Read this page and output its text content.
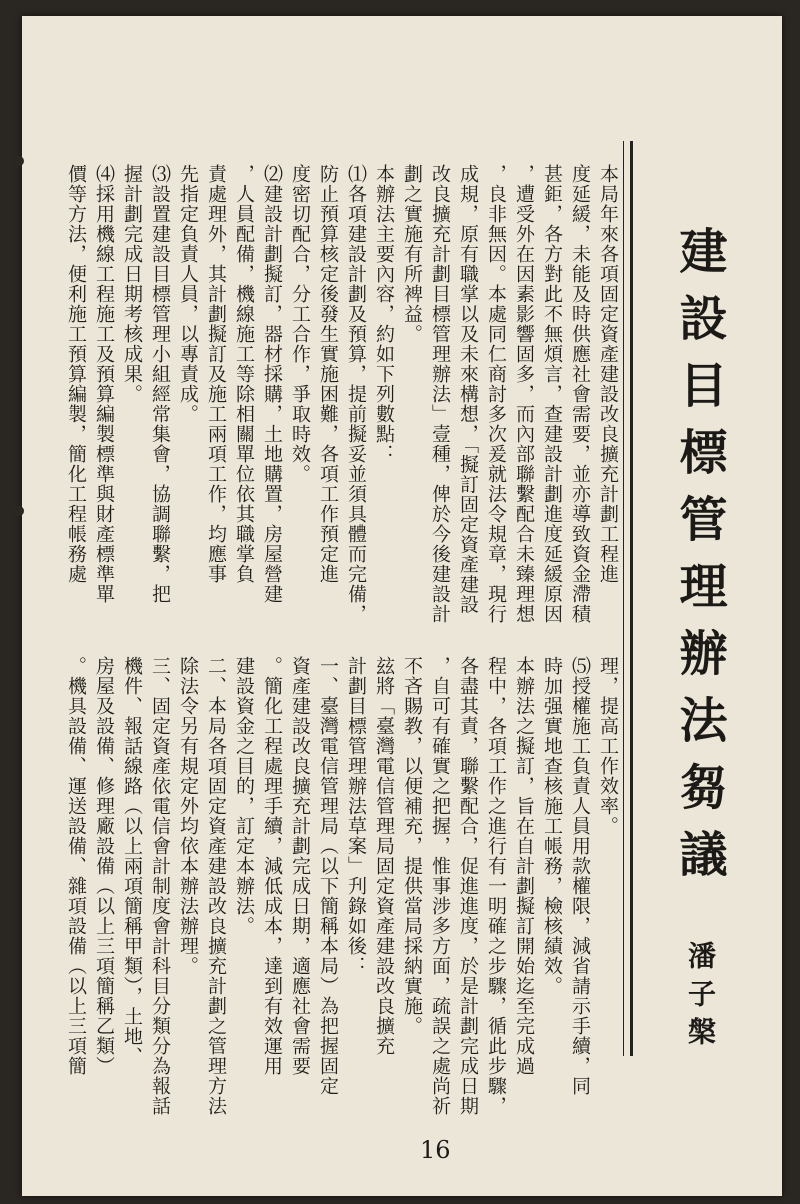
建設目標管理辦法芻議
潘子槃
本局年來各項固定資產建設改良擴充計劃工程進
度延緩，未能及時供應社會需要，並亦導致資金滯積
甚鉅，各方對此不無煩言，查建設計劃進度延緩原因
，遭受外在因素影響固多，而內部聯繫配合未臻理想
，良非無因。本處同仁商討多次爰就法令規章，現行
成規，原有職掌以及未來構想，「擬訂固定資產建設
改良擴充計劃目標管理辦法」壹種，俾於今後建設計
劃之實施有所裨益。
本辦法主要內容，約如下列數點：
⑴各項建設計劃及預算，提前擬妥並須具體而完備，
防止預算核定後發生實施困難，各項工作預定進
度密切配合，分工合作，爭取時效。
⑵建設計劃擬訂，器材採購，土地購置，房屋營建
，人員配備，機線施工等除相關單位依其職掌負
責處理外，其計劃擬訂及施工兩項工作，均應事
先指定負責人員，以專責成。
⑶設置建設目標管理小組經常集會，協調聯繫，把
握計劃完成日期考核成果。
⑷採用機線工程施工及預算編製標準與財產標準單
價等方法，便利施工預算編製，簡化工程帳務處
理，提高工作效率。
⑸授權施工負責人員用款權限，減省請示手續，同
時加强實地查核施工帳務，檢核績效。
本辦法之擬訂，旨在自計劃擬訂開始迄至完成過
程中，各項工作之進行有一明確之步驟，循此步驟，
各盡其責，聯繫配合，促進進度，於是計劃完成日期
，自可有確實之把握，惟事涉多方面，疏誤之處尚祈
不吝賜教，以便補充，提供當局採納實施。
玆將「臺灣電信管理局固定資產建設改良擴充
計劃目標管理辦法草案」刋錄如後：
一、臺灣電信管理局（以下簡稱本局）為把握固定
資產建設改良擴充計劃完成日期，適應社會需要
。簡化工程處理手續，減低成本，達到有效運用
建設資金之目的，訂定本辦法。
二、本局各項固定資產建設改良擴充計劃之管理方法
除法令另有規定外均依本辦法辦理。
三、固定資產依電信會計制度會計科目分類分為報話
機件、報話線路（以上兩項簡稱甲類），土地、
房屋及設備、修理廠設備（以上三項簡稱乙類）
。機具設備、運送設備、雜項設備（以上三項簡
16
